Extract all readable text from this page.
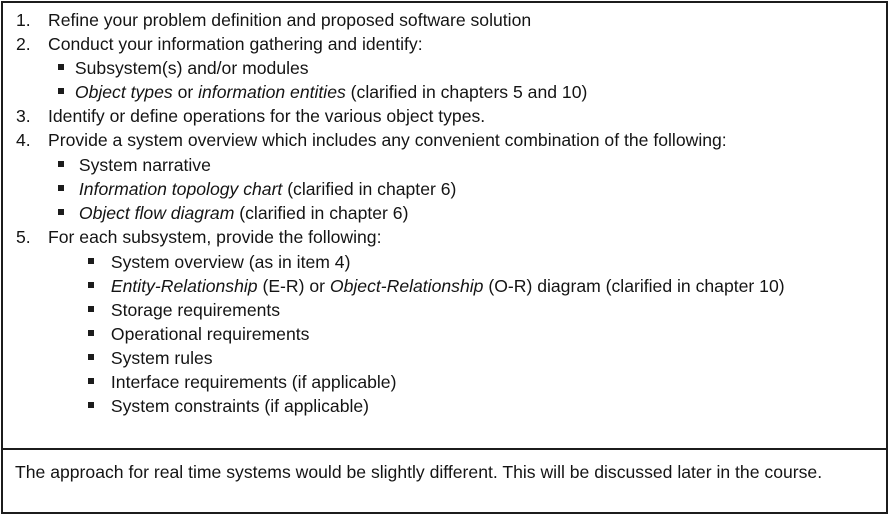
1. Refine your problem definition and proposed software solution
2. Conduct your information gathering and identify:
Subsystem(s) and/or modules
Object types or information entities (clarified in chapters 5 and 10)
3. Identify or define operations for the various object types.
4. Provide a system overview which includes any convenient combination of the following:
System narrative
Information topology chart (clarified in chapter 6)
Object flow diagram (clarified in chapter 6)
5. For each subsystem, provide the following:
System overview (as in item 4)
Entity-Relationship (E-R) or Object-Relationship (O-R) diagram (clarified in chapter 10)
Storage requirements
Operational requirements
System rules
Interface requirements (if applicable)
System constraints (if applicable)
The approach for real time systems would be slightly different. This will be discussed later in the course.
